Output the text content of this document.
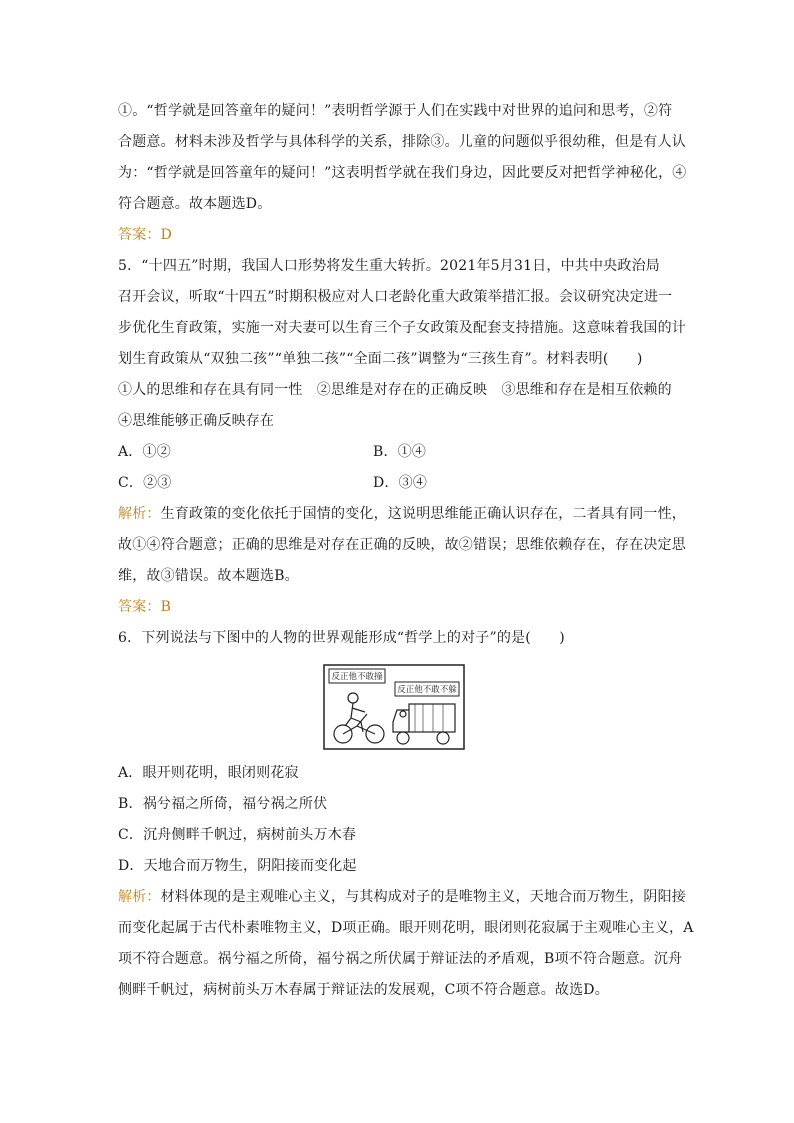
①。“哲学就是回答童年的疑问！”表明哲学源于人们在实践中对世界的追问和思考，②符

合题意。材料未涉及哲学与具体科学的关系，排除③。儿童的问题似乎很幼稚，但是有人认

为：“哲学就是回答童年的疑问！”这表明哲学就在我们身边，因此要反对把哲学神秘化，④

符合题意。故本题选D。

答案：D

5．“十四五”时期，我国人口形势将发生重大转折。2021年5月31日，中共中央政治局

召开会议，听取“十四五”时期积极应对人口老龄化重大政策举措汇报。会议研究决定进一

步优化生育政策，实施一对夫妻可以生育三个子女政策及配套支持措施。这意味着我国的计

划生育政策从“双独二孩”“单独二孩”“全面二孩”调整为“三孩生育”。材料表明(　　)

①人的思维和存在具有同一性　②思维是对存在的正确反映　③思维和存在是相互依赖的

④思维能够正确反映存在

A．①②	B．①④

C．②③	D．③④

解析：生育政策的变化依托于国情的变化，这说明思维能正确认识存在，二者具有同一性，

故①④符合题意；正确的思维是对存在正确的反映，故②错误；思维依赖存在，存在决定思

维，故③错误。故本题选B。

答案：B

6．下列说法与下图中的人物的世界观能形成“哲学上的对子”的是(　　)

反正他不敢撞
反正他不敢不躲

A．眼开则花明，眼闭则花寂

B．祸兮福之所倚，福兮祸之所伏

C．沉舟侧畔千帆过，病树前头万木春

D．天地合而万物生，阴阳接而变化起

解析：材料体现的是主观唯心主义，与其构成对子的是唯物主义，天地合而万物生，阴阳接

而变化起属于古代朴素唯物主义，D项正确。眼开则花明，眼闭则花寂属于主观唯心主义，A

项不符合题意。祸兮福之所倚，福兮祸之所伏属于辩证法的矛盾观，B项不符合题意。沉舟

侧畔千帆过，病树前头万木春属于辩证法的发展观，C项不符合题意。故选D。
